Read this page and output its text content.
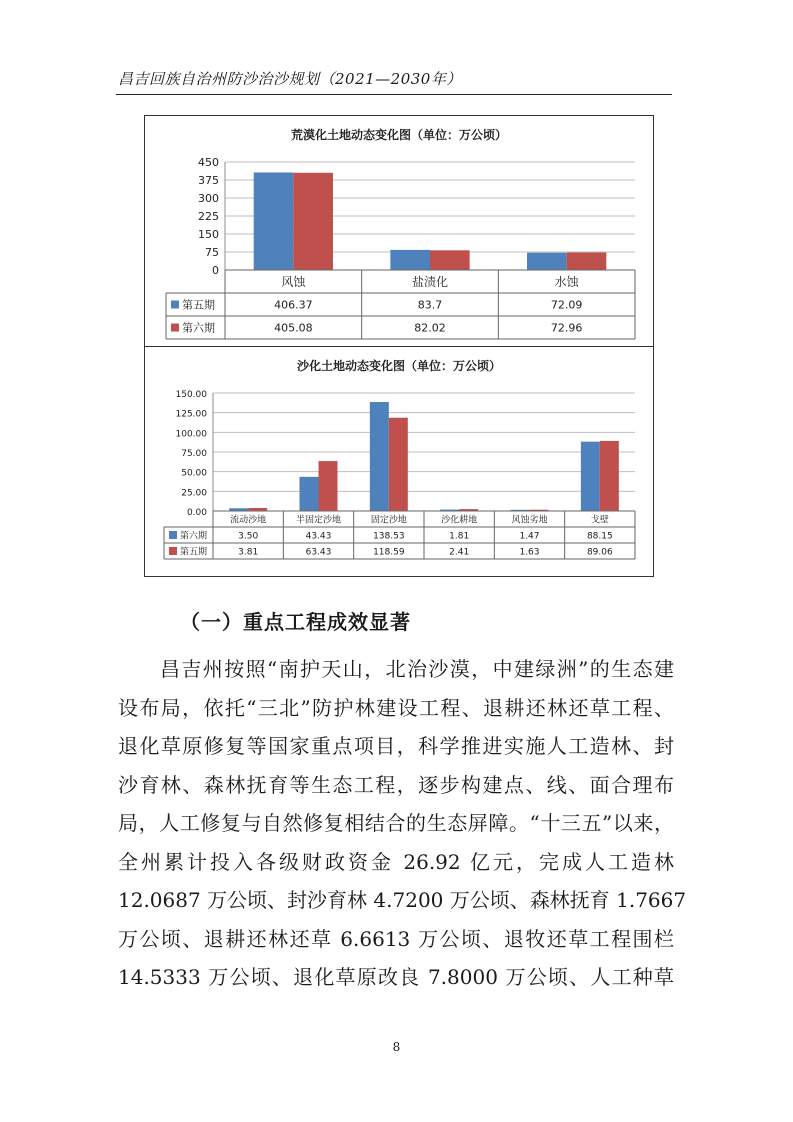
昌吉回族自治州防沙治沙规划（2021—2030年）
荒漠化土地动态变化图（单位：万公顷）
0
75
150
225
300
375
450
风蚀	盐渍化	水蚀
第五期	406.37	83.7	72.09
第六期	405.08	82.02	72.96
沙化土地动态变化图（单位：万公顷）
0.00
25.00
50.00
75.00
100.00
125.00
150.00
流动沙地	半固定沙地	固定沙地	沙化耕地	风蚀劣地	戈壁
第六期	3.50	43.43	138.53	1.81	1.47	88.15
第五期	3.81	63.43	118.59	2.41	1.63	89.06
（一）重点工程成效显著
昌吉州按照“南护天山，北治沙漠，中建绿洲”的生态建
设布局，依托“三北”防护林建设工程、退耕还林还草工程、
退化草原修复等国家重点项目，科学推进实施人工造林、封
沙育林、森林抚育等生态工程，逐步构建点、线、面合理布
局，人工修复与自然修复相结合的生态屏障。“十三五”以来，
全州累计投入各级财政资金 26.92 亿元，完成人工造林
12.0687 万公顷、封沙育林 4.7200 万公顷、森林抚育 1.7667
万公顷、退耕还林还草 6.6613 万公顷、退牧还草工程围栏
14.5333 万公顷、退化草原改良 7.8000 万公顷、人工种草
8
